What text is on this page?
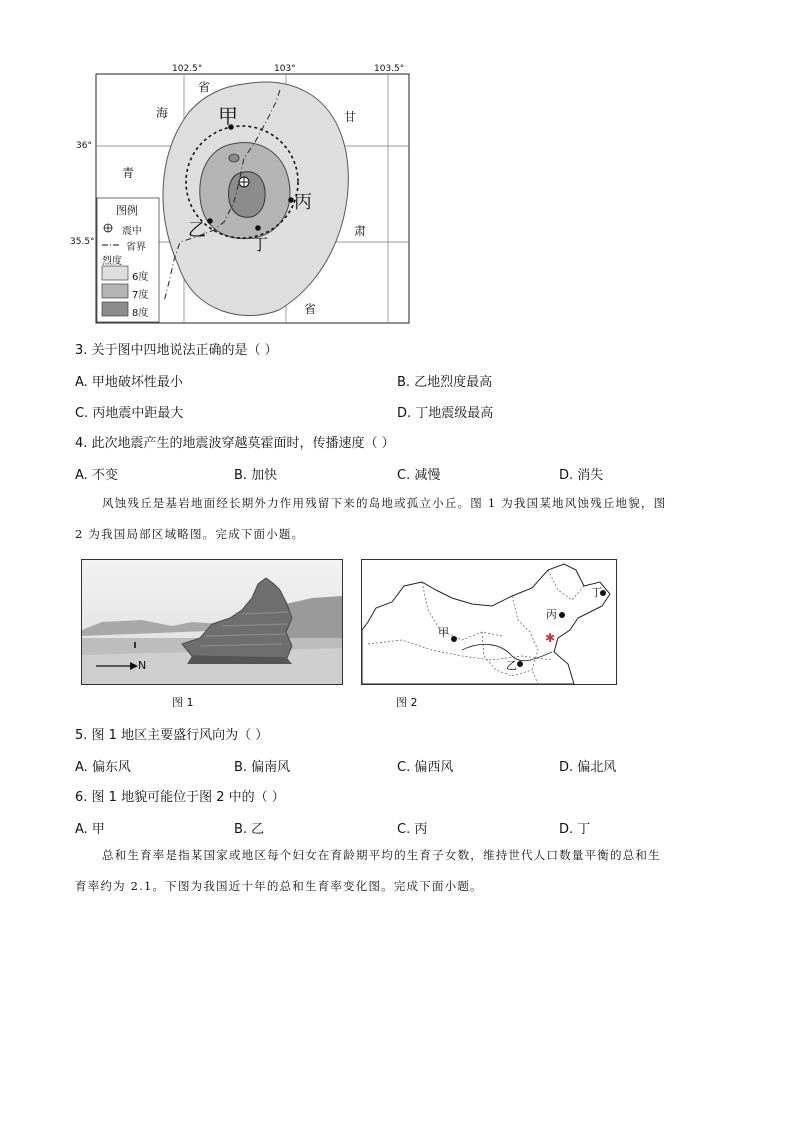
102.5°	103°	103.5°
36°
35.5°
省
海	甘
青
肃
省
甲
乙
丙
丁
图例
震中
省界
烈度
6度
7度
8度
3. 关于图中四地说法正确的是（ ）
A. 甲地破坏性最小	B. 乙地烈度最高
C. 丙地震中距最大	D. 丁地震级最高
4. 此次地震产生的地震波穿越莫霍面时，传播速度（ ）
A. 不变	B. 加快	C. 减慢	D. 消失
风蚀残丘是基岩地面经长期外力作用残留下来的岛地或孤立小丘。图 1 为我国某地风蚀残丘地貌，图
2 为我国局部区域略图。完成下面小题。
N
图 1
✱
甲
乙
丙
丁
图 2
5. 图 1 地区主要盛行风向为（ ）
A. 偏东风	B. 偏南风	C. 偏西风	D. 偏北风
6. 图 1 地貌可能位于图 2 中的（ ）
A. 甲	B. 乙	C. 丙	D. 丁
总和生育率是指某国家或地区每个妇女在育龄期平均的生育子女数，维持世代人口数量平衡的总和生
育率约为 2.1。下图为我国近十年的总和生育率变化图。完成下面小题。
